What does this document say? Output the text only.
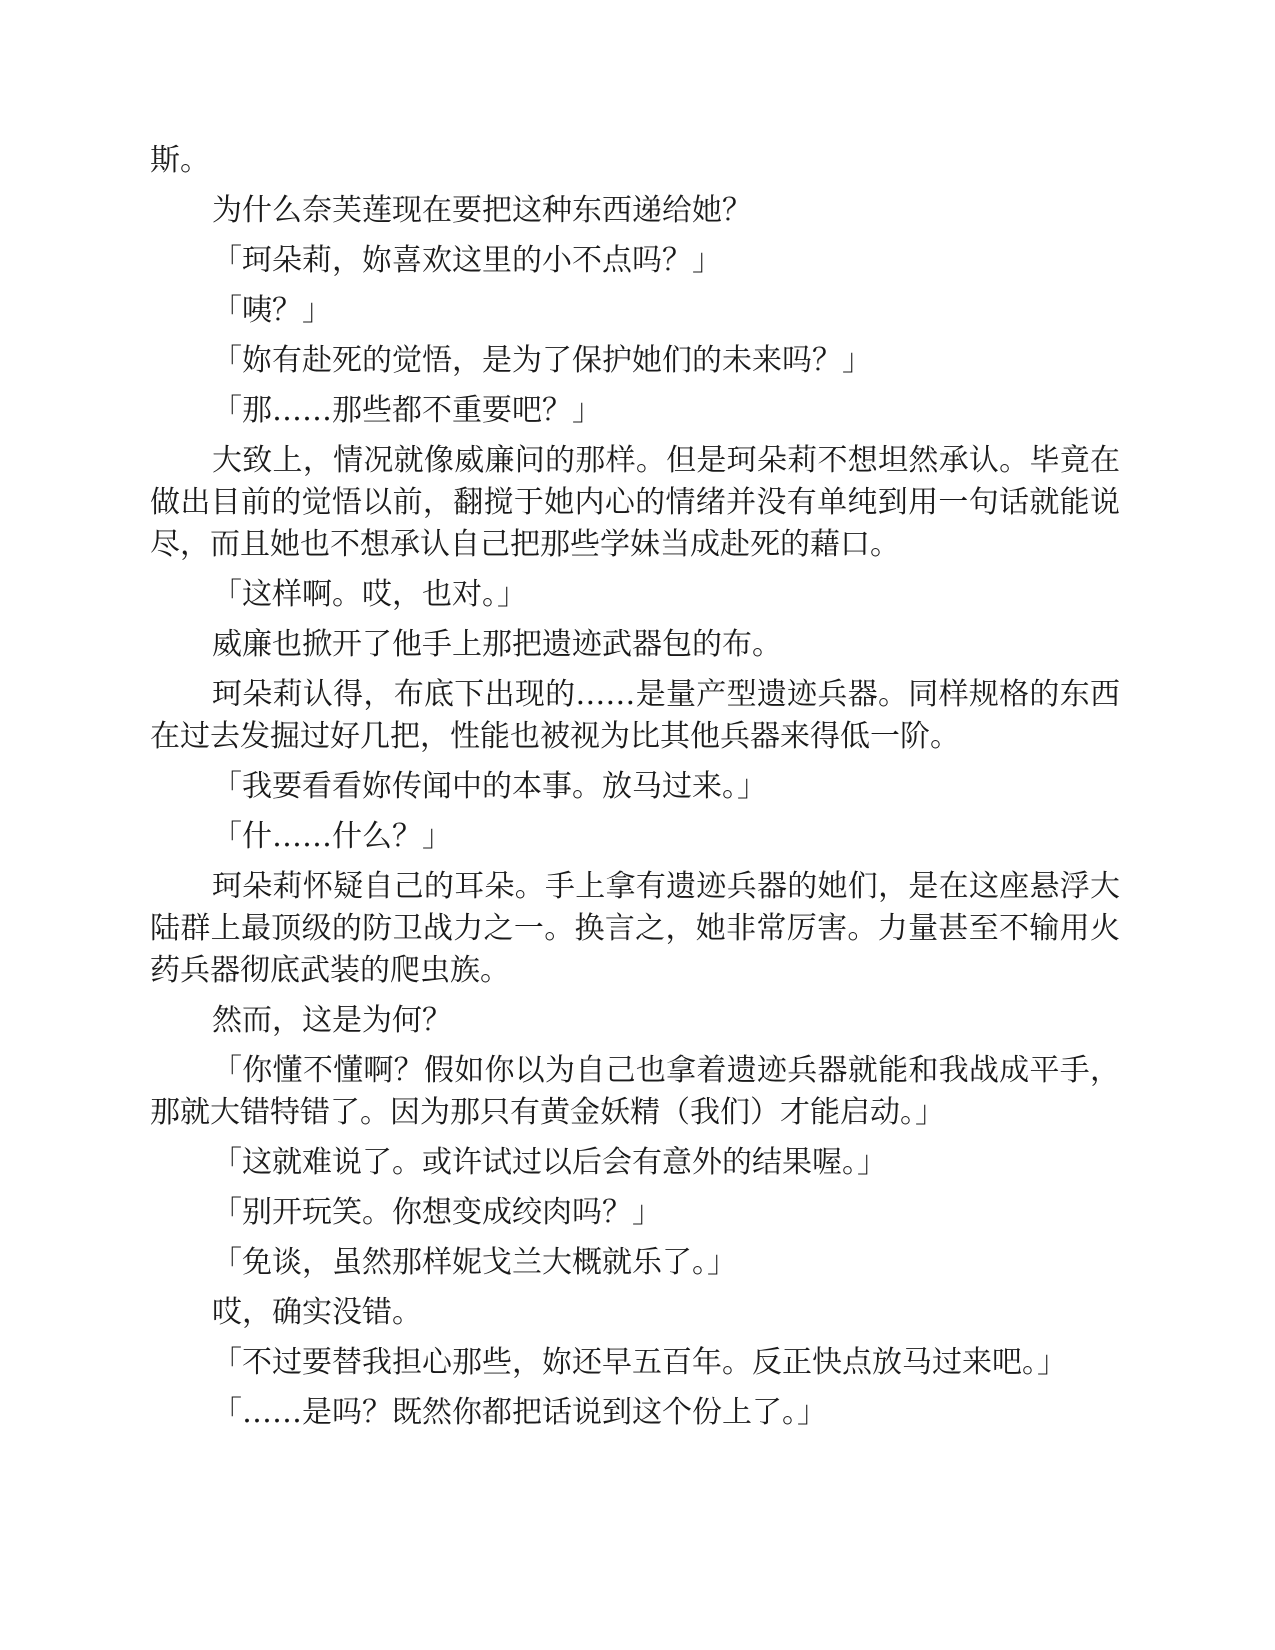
斯。

为什么奈芙莲现在要把这种东西递给她？

「珂朵莉，妳喜欢这里的小不点吗？」

「咦？」

「妳有赴死的觉悟，是为了保护她们的未来吗？」

「那……那些都不重要吧？」

大致上，情况就像威廉问的那样。但是珂朵莉不想坦然承认。毕竟在做出目前的觉悟以前，翻搅于她内心的情绪并没有单纯到用一句话就能说尽，而且她也不想承认自己把那些学妹当成赴死的藉口。

「这样啊。哎，也对。」

威廉也掀开了他手上那把遗迹武器包的布。

珂朵莉认得，布底下出现的……是量产型遗迹兵器。同样规格的东西在过去发掘过好几把，性能也被视为比其他兵器来得低一阶。

「我要看看妳传闻中的本事。放马过来。」

「什……什么？」

珂朵莉怀疑自己的耳朵。手上拿有遗迹兵器的她们，是在这座悬浮大陆群上最顶级的防卫战力之一。换言之，她非常厉害。力量甚至不输用火药兵器彻底武装的爬虫族。

然而，这是为何？

「你懂不懂啊？假如你以为自己也拿着遗迹兵器就能和我战成平手，那就大错特错了。因为那只有黄金妖精（我们）才能启动。」

「这就难说了。或许试过以后会有意外的结果喔。」

「别开玩笑。你想变成绞肉吗？」

「免谈，虽然那样妮戈兰大概就乐了。」

哎，确实没错。

「不过要替我担心那些，妳还早五百年。反正快点放马过来吧。」

「……是吗？既然你都把话说到这个份上了。」
